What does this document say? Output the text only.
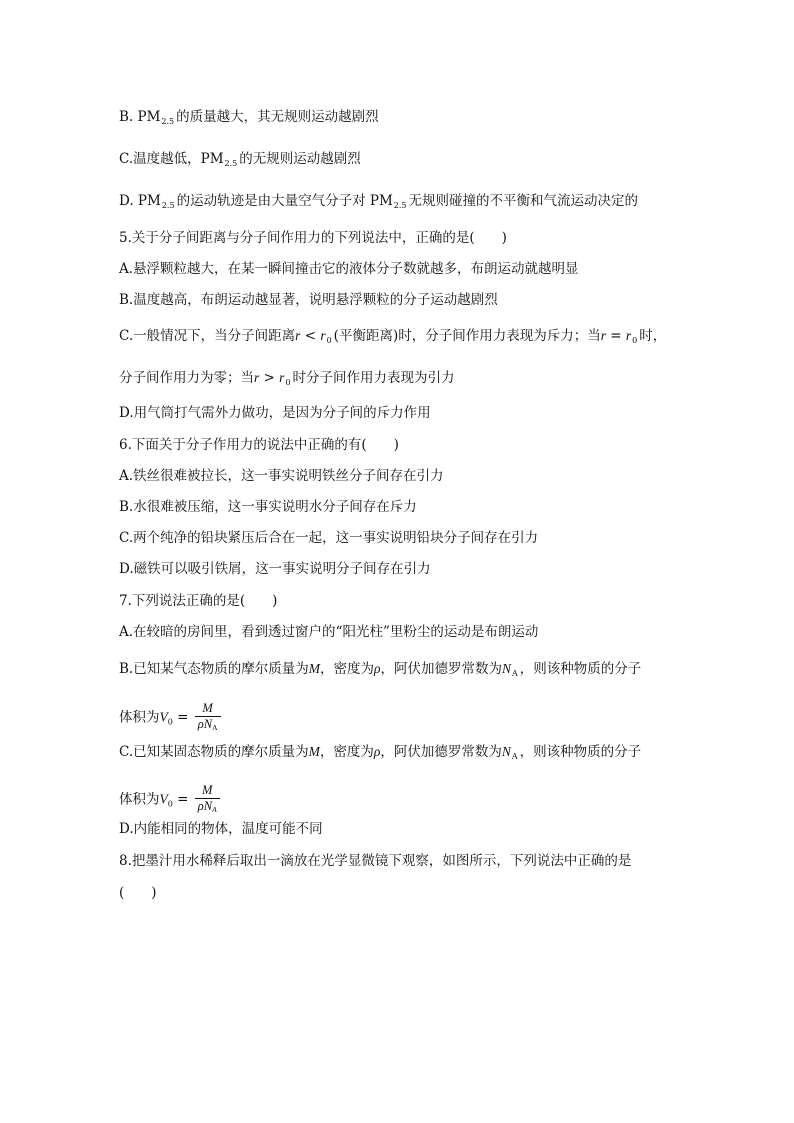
B. $PM_{2.5}$ 的质量越大，其无规则运动越剧烈
C.温度越低，$PM_{2.5}$ 的无规则运动越剧烈
D. $PM_{2.5}$ 的运动轨迹是由大量空气分子对 $PM_{2.5}$ 无规则碰撞的不平衡和气流运动决定的
5.关于分子间距离与分子间作用力的下列说法中，正确的是(　　)
A.悬浮颗粒越大，在某一瞬间撞击它的液体分子数就越多，布朗运动就越明显
B.温度越高，布朗运动越显著，说明悬浮颗粒的分子运动越剧烈
C.一般情况下，当分子间距离$r < r_0$ (平衡距离)时，分子间作用力表现为斥力；当$r = r_0$ 时，
分子间作用力为零；当$r > r_0$ 时分子间作用力表现为引力
D.用气筒打气需外力做功，是因为分子间的斥力作用
6.下面关于分子作用力的说法中正确的有(　　)
A.铁丝很难被拉长，这一事实说明铁丝分子间存在引力
B.水很难被压缩，这一事实说明水分子间存在斥力
C.两个纯净的铅块紧压后合在一起，这一事实说明铅块分子间存在引力
D.磁铁可以吸引铁屑，这一事实说明分子间存在引力
7.下列说法正确的是(　　)
A.在较暗的房间里，看到透过窗户的“阳光柱”里粉尘的运动是布朗运动
B.已知某气态物质的摩尔质量为M，密度为ρ，阿伏加德罗常数为$N_A$ ，则该种物质的分子
体积为$V_0 = \frac{M}{\text{ρNA}}$
C.已知某固态物质的摩尔质量为M，密度为ρ，阿伏加德罗常数为$N_A$ ，则该种物质的分子
体积为$V_0 = \frac{M}{\text{ρNA}}$
D.内能相同的物体，温度可能不同
8.把墨汁用水稀释后取出一滴放在光学显微镜下观察，如图所示，下列说法中正确的是
(　　)
